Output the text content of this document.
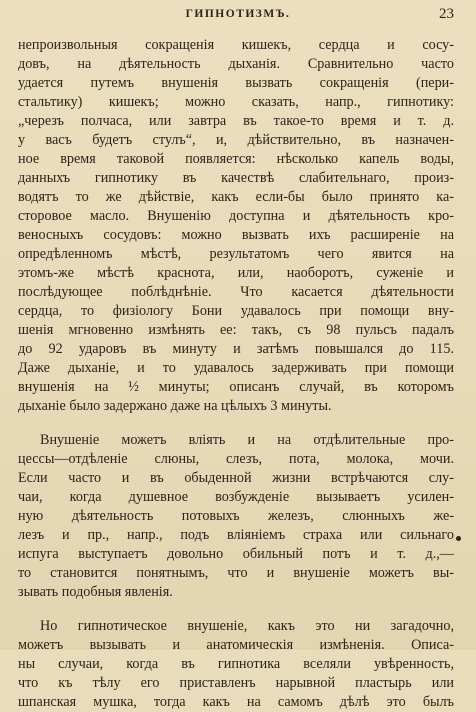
ГИПНОТИЗМЪ.	23
непроизвольныя сокращенія кишекъ, сердца и сосу-
довъ, на дѣятельность дыханія. Сравнительно часто
удается путемъ внушенія вызвать сокращенія (пери-
стальтику) кишекъ; можно сказать, напр., гипнотику:
„черезъ полчаса, или завтра въ такое-то время и т. д.
у васъ будетъ стулъ“, и, дѣйствительно, въ назначен-
ное время таковой появляется: нѣсколько капель воды,
данныхъ гипнотику въ качествѣ слабительнаго, произ-
водятъ то же дѣйствіе, какъ если-бы было принято ка-
сторовое масло. Внушенію доступна и дѣятельность кро-
веносныхъ сосудовъ: можно вызвать ихъ расширеніе на
опредѣленномъ мѣстѣ, результатомъ чего явится на
этомъ-же мѣстѣ краснота, или, наоборотъ, суженіе и
послѣдующее поблѣднѣніе. Что касается дѣятельности
сердца, то физіологу Бони удавалось при помощи вну-
шенія мгновенно измѣнять ее: такъ, съ 98 пульсъ падалъ
до 92 ударовъ въ минуту и затѣмъ повышался до 115.
Даже дыханіе, и то удавалось задерживать при помощи
внушенія на ½ минуты; описанъ случай, въ которомъ
дыханіе было задержано даже на цѣлыхъ 3 минуты.
Внушеніе можетъ вліять и на отдѣлительные про-
цессы—отдѣленіе слюны, слезъ, пота, молока, мочи.
Если часто и въ обыденной жизни встрѣчаются слу-
чаи, когда душевное возбужденіе вызываетъ усилен-
ную дѣятельность потовыхъ железъ, слюнныхъ же-
лезъ и пр., напр., подъ вліяніемъ страха или сильнаго
испуга выступаетъ довольно обильный потъ и т. д.,—
то становится понятнымъ, что и внушеніе можетъ вы-
зывать подобныя явленія.
Но гипнотическое внушеніе, какъ это ни загадочно,
можетъ вызывать и анатомическія измѣненія. Описа-
ны случаи, когда въ гипнотика вселяли увѣренность,
что къ тѣлу его приставленъ нарывной пластырь или
шпанская мушка, тогда какъ на самомъ дѣлѣ это былъ
